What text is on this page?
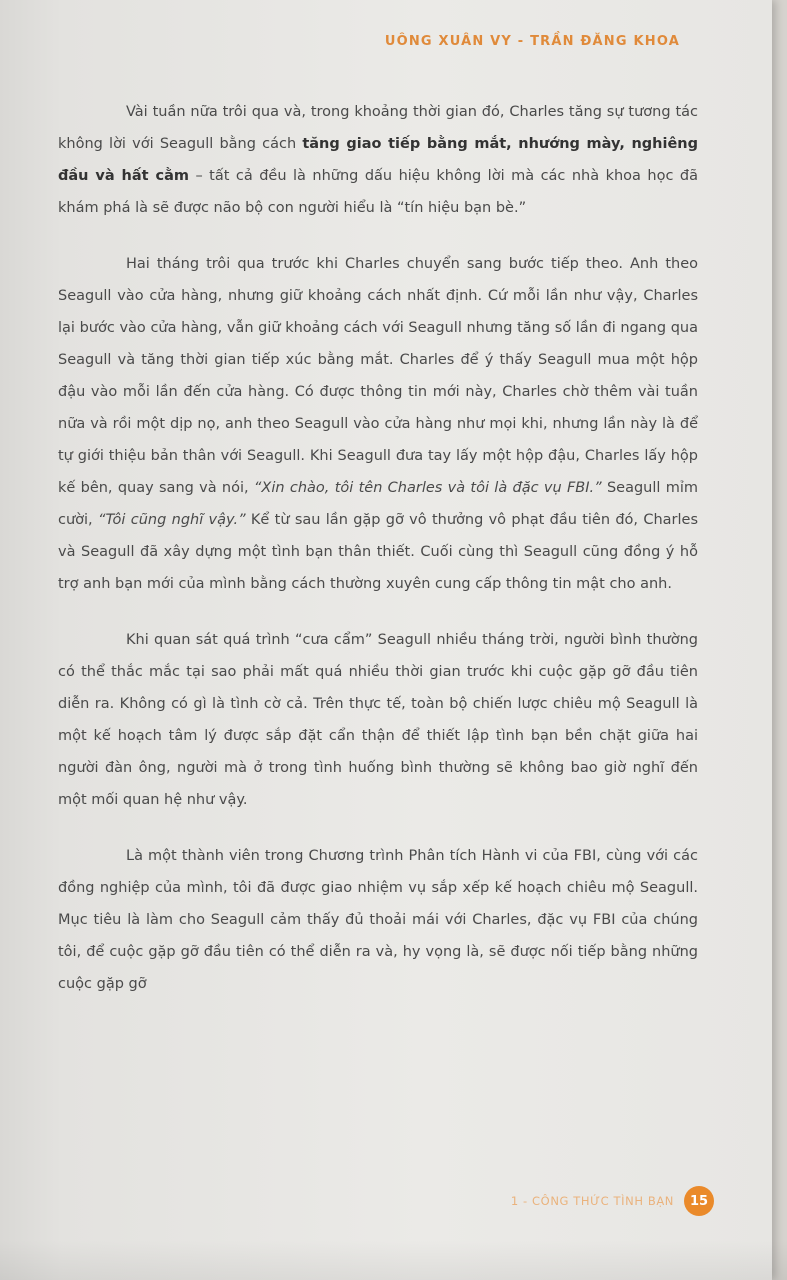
UÔNG XUÂN VY - TRẦN ĐĂNG KHOA

Vài tuần nữa trôi qua và, trong khoảng thời gian đó, Charles tăng sự tương tác không lời với Seagull bằng cách tăng giao tiếp bằng mắt, nhướng mày, nghiêng đầu và hất cằm – tất cả đều là những dấu hiệu không lời mà các nhà khoa học đã khám phá là sẽ được não bộ con người hiểu là “tín hiệu bạn bè.”

Hai tháng trôi qua trước khi Charles chuyển sang bước tiếp theo. Anh theo Seagull vào cửa hàng, nhưng giữ khoảng cách nhất định. Cứ mỗi lần như vậy, Charles lại bước vào cửa hàng, vẫn giữ khoảng cách với Seagull nhưng tăng số lần đi ngang qua Seagull và tăng thời gian tiếp xúc bằng mắt. Charles để ý thấy Seagull mua một hộp đậu vào mỗi lần đến cửa hàng. Có được thông tin mới này, Charles chờ thêm vài tuần nữa và rồi một dịp nọ, anh theo Seagull vào cửa hàng như mọi khi, nhưng lần này là để tự giới thiệu bản thân với Seagull. Khi Seagull đưa tay lấy một hộp đậu, Charles lấy hộp kế bên, quay sang và nói, “Xin chào, tôi tên Charles và tôi là đặc vụ FBI.” Seagull mỉm cười, “Tôi cũng nghĩ vậy.” Kể từ sau lần gặp gỡ vô thưởng vô phạt đầu tiên đó, Charles và Seagull đã xây dựng một tình bạn thân thiết. Cuối cùng thì Seagull cũng đồng ý hỗ trợ anh bạn mới của mình bằng cách thường xuyên cung cấp thông tin mật cho anh.

Khi quan sát quá trình “cưa cẩm” Seagull nhiều tháng trời, người bình thường có thể thắc mắc tại sao phải mất quá nhiều thời gian trước khi cuộc gặp gỡ đầu tiên diễn ra. Không có gì là tình cờ cả. Trên thực tế, toàn bộ chiến lược chiêu mộ Seagull là một kế hoạch tâm lý được sắp đặt cẩn thận để thiết lập tình bạn bền chặt giữa hai người đàn ông, người mà ở trong tình huống bình thường sẽ không bao giờ nghĩ đến một mối quan hệ như vậy.

Là một thành viên trong Chương trình Phân tích Hành vi của FBI, cùng với các đồng nghiệp của mình, tôi đã được giao nhiệm vụ sắp xếp kế hoạch chiêu mộ Seagull. Mục tiêu là làm cho Seagull cảm thấy đủ thoải mái với Charles, đặc vụ FBI của chúng tôi, để cuộc gặp gỡ đầu tiên có thể diễn ra và, hy vọng là, sẽ được nối tiếp bằng những cuộc gặp gỡ

1 - CÔNG THỨC TÌNH BẠN	15
